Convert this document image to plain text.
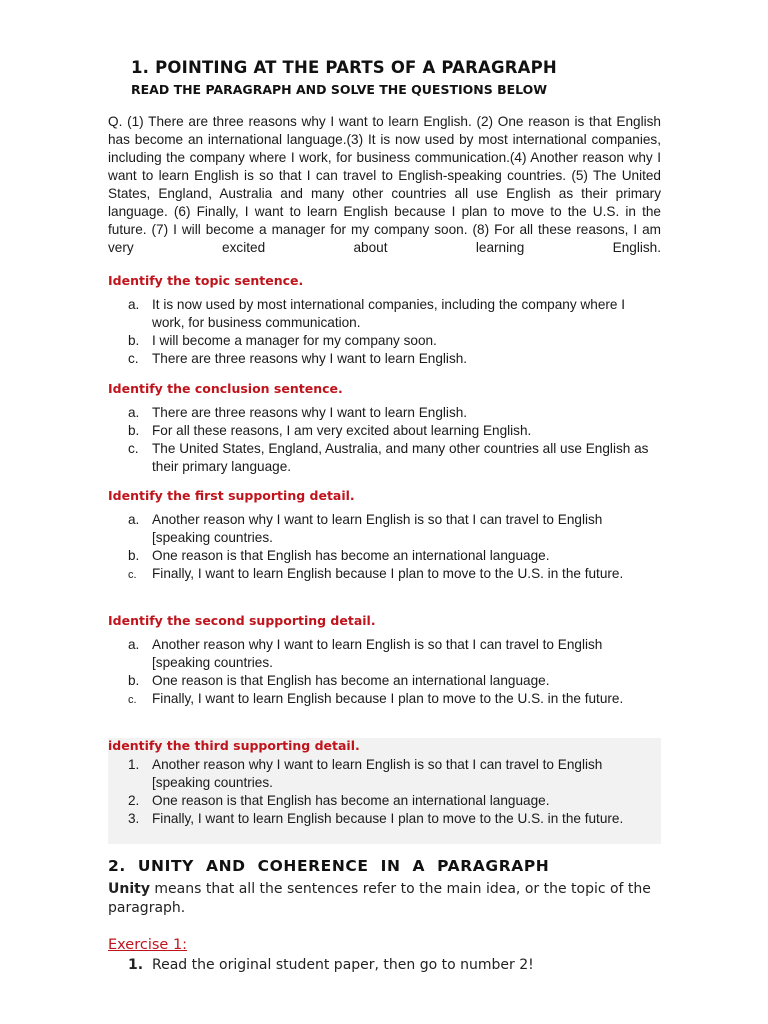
1. POINTING AT THE PARTS OF A PARAGRAPH
READ THE PARAGRAPH AND SOLVE THE QUESTIONS BELOW

Q. (1) There are three reasons why I want to learn English. (2) One reason is that English has become an international language.(3) It is now used by most international companies, including the company where I work, for business communication.(4) Another reason why I want to learn English is so that I can travel to English-speaking countries. (5) The United States, England, Australia and many other countries all use English as their primary language. (6) Finally, I want to learn English because I plan to move to the U.S. in the future. (7) I will become a manager for my company soon. (8) For all these reasons, I am very excited about learning English.

Identify the topic sentence.
a. It is now used by most international companies, including the company where I work, for business communication.
b. I will become a manager for my company soon.
c. There are three reasons why I want to learn English.
Identify the conclusion sentence.
a. There are three reasons why I want to learn English.
b. For all these reasons, I am very excited about learning English.
c. The United States, England, Australia, and many other countries all use English as their primary language.
Identify the first supporting detail.
a. Another reason why I want to learn English is so that I can travel to English [speaking countries.
b. One reason is that English has become an international language.
c.	Finally, I want to learn English because I plan to move to the U.S. in the future.
Identify the second supporting detail.
a. Another reason why I want to learn English is so that I can travel to English [speaking countries.
b. One reason is that English has become an international language.
c.	Finally, I want to learn English because I plan to move to the U.S. in the future.
identify the third supporting detail.
1. Another reason why I want to learn English is so that I can travel to English [speaking countries.
2. One reason is that English has become an international language.
3. Finally, I want to learn English because I plan to move to the U.S. in the future.
2. UNITY AND COHERENCE IN A PARAGRAPH

Unity means that all the sentences refer to the main idea, or the topic of the paragraph.

Exercise 1:
1. Read the original student paper, then go to number 2!
